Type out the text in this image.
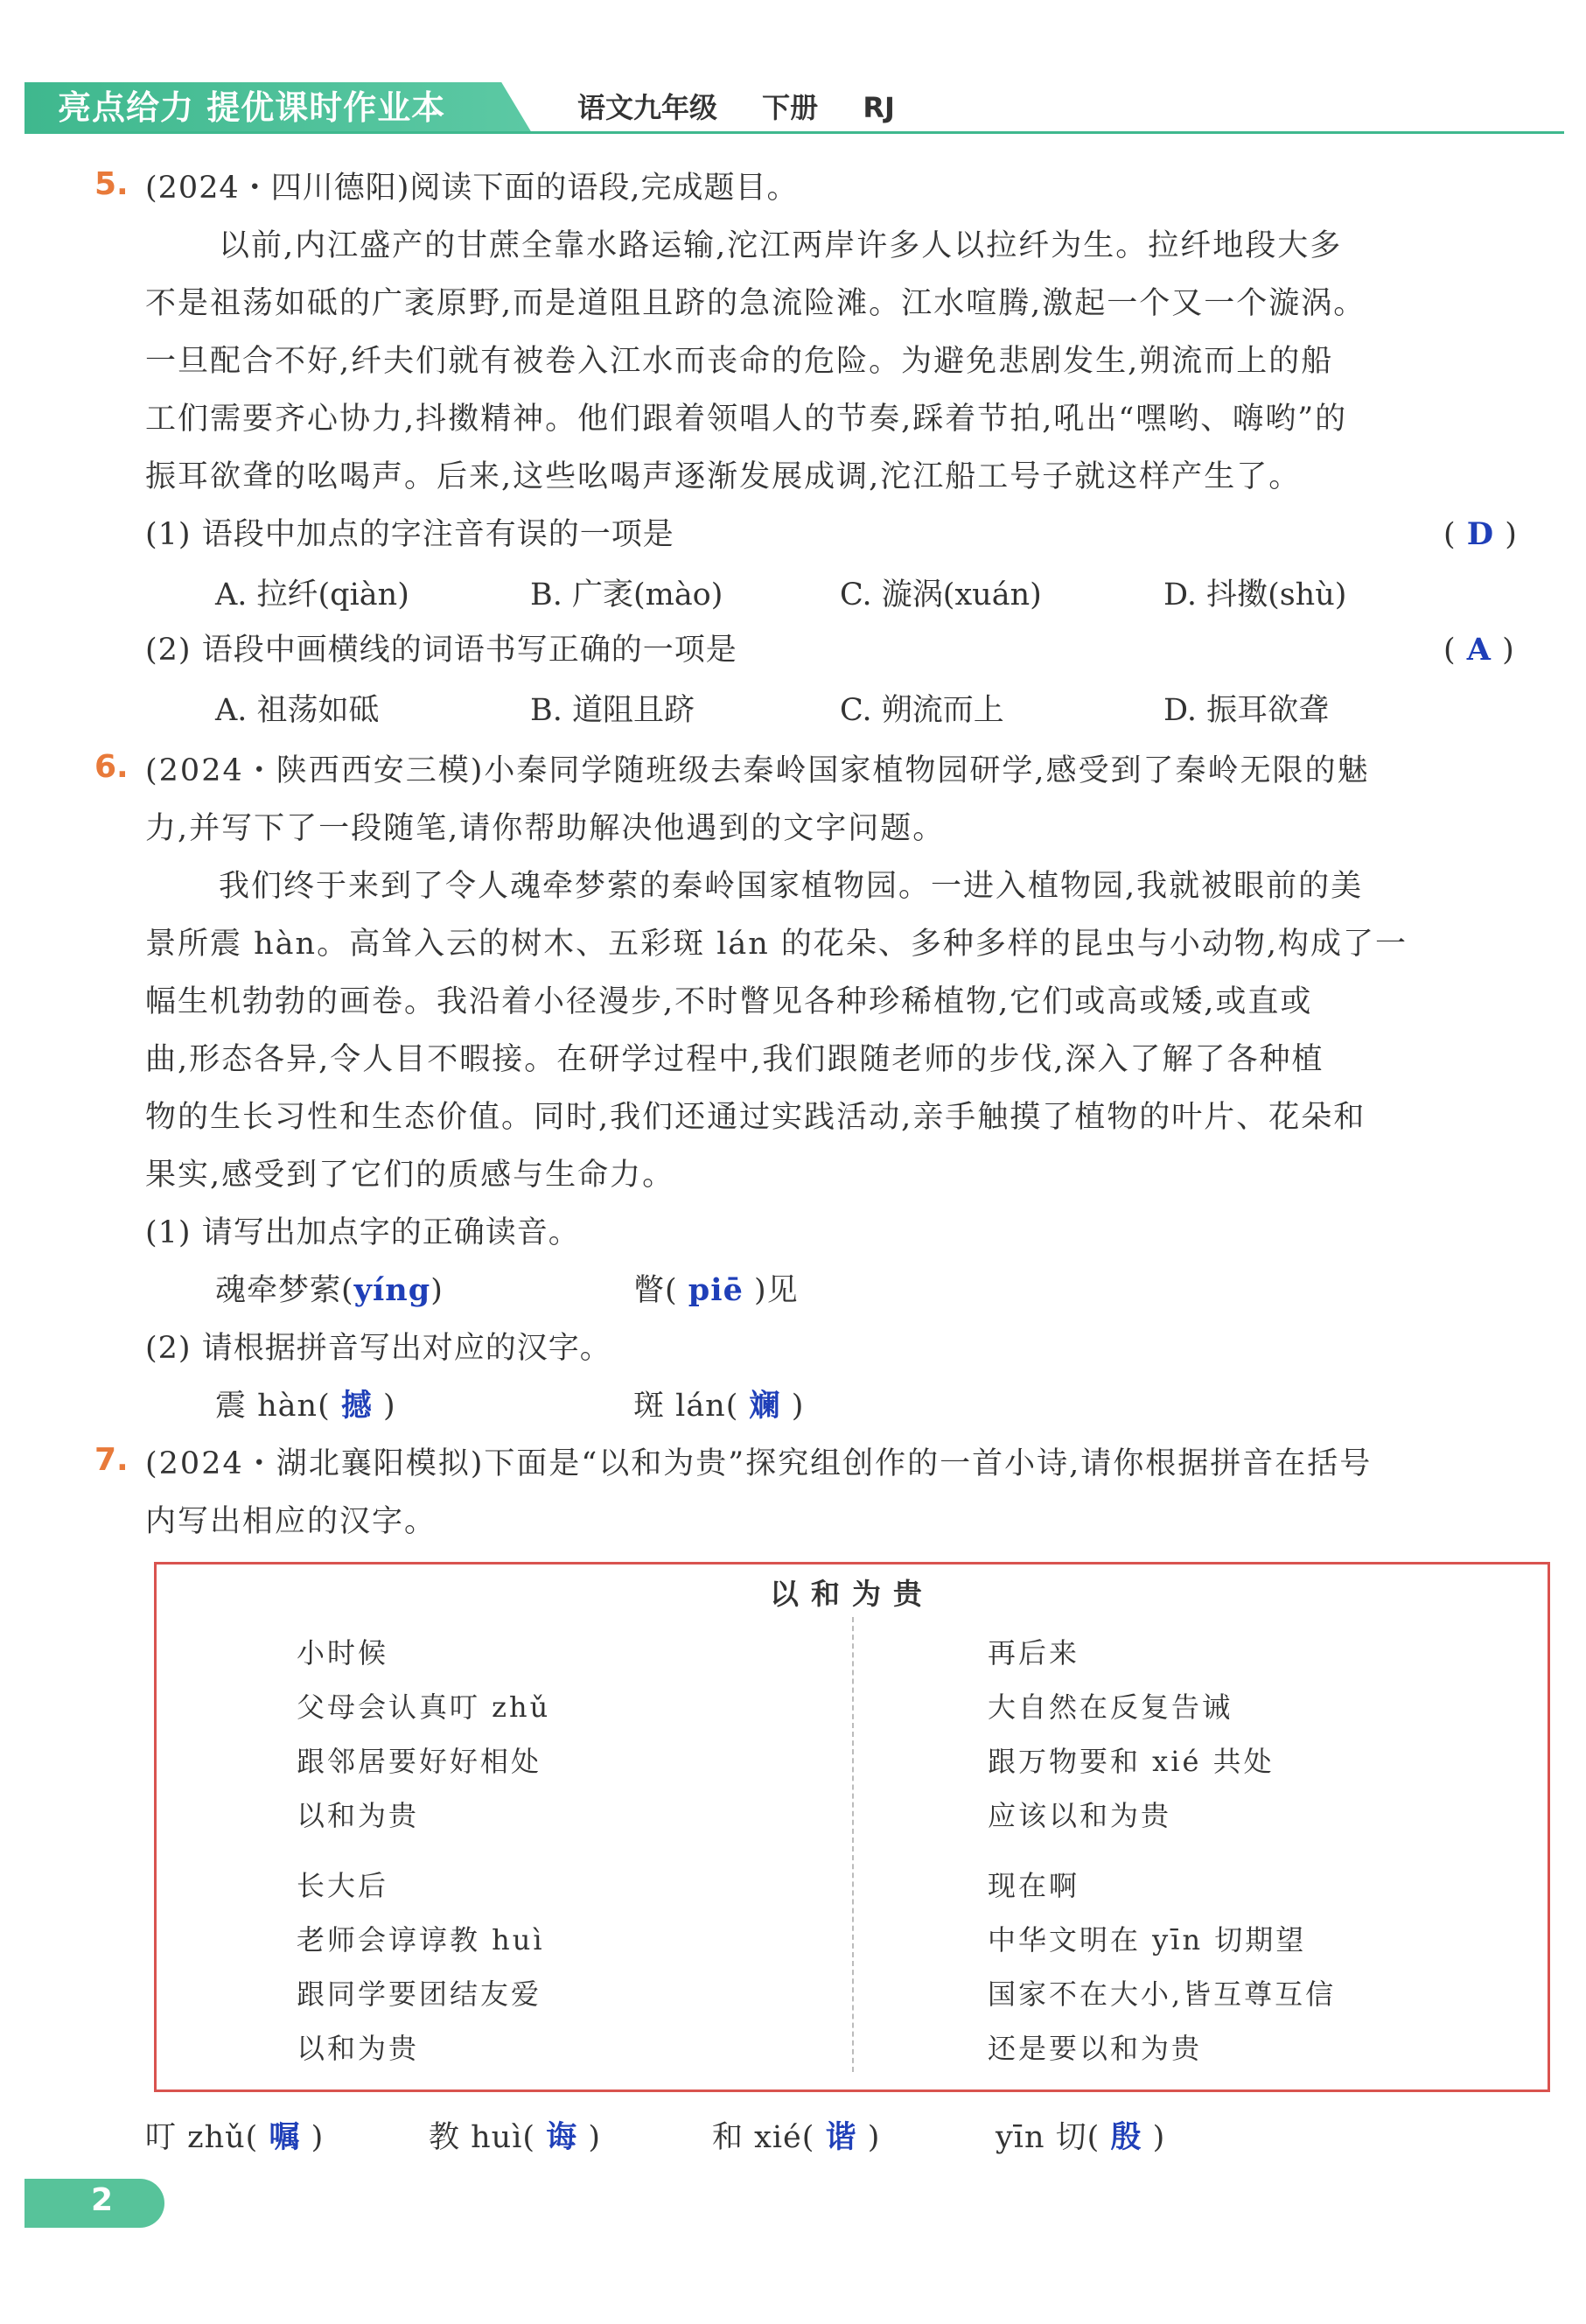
亮点给力 提优课时作业本	语文九年级 下册 RJ
5. (2024・四川德阳)阅读下面的语段,完成题目。
以前,内江盛产的甘蔗全靠水路运输,沱江两岸许多人以拉纤为生。拉纤地段大多
不是祖荡如砥的广袤原野,而是道阻且跻的急流险滩。江水喧腾,激起一个又一个漩涡。
一旦配合不好,纤夫们就有被卷入江水而丧命的危险。为避免悲剧发生,朔流而上的船
工们需要齐心协力,抖擞精神。他们跟着领唱人的节奏,踩着节拍,吼出“嘿哟、嗨哟”的
振耳欲聋的吆喝声。后来,这些吆喝声逐渐发展成调,沱江船工号子就这样产生了。
(1) 语段中加点的字注音有误的一项是	( D )
A. 拉纤(qiàn)	B. 广袤(mào)	C. 漩涡(xuán)	D. 抖擞(shù)
(2) 语段中画横线的词语书写正确的一项是	( A )
A. 祖荡如砥	B. 道阻且跻	C. 朔流而上	D. 振耳欲聋
6. (2024・陕西西安三模)小秦同学随班级去秦岭国家植物园研学,感受到了秦岭无限的魅
力,并写下了一段随笔,请你帮助解决他遇到的文字问题。
我们终于来到了令人魂牵梦萦的秦岭国家植物园。一进入植物园,我就被眼前的美
景所震 hàn。高耸入云的树木、五彩斑 lán 的花朵、多种多样的昆虫与小动物,构成了一
幅生机勃勃的画卷。我沿着小径漫步,不时瞥见各种珍稀植物,它们或高或矮,或直或
曲,形态各异,令人目不暇接。在研学过程中,我们跟随老师的步伐,深入了解了各种植
物的生长习性和生态价值。同时,我们还通过实践活动,亲手触摸了植物的叶片、花朵和
果实,感受到了它们的质感与生命力。
(1) 请写出加点字的正确读音。
魂牵梦萦(yíng)	瞥( piē )见
(2) 请根据拼音写出对应的汉字。
震 hàn( 撼 )	斑 lán( 斓 )
7. (2024・湖北襄阳模拟)下面是“以和为贵”探究组创作的一首小诗,请你根据拼音在括号
内写出相应的汉字。
以和为贵
小时候
父母会认真叮 zhǔ
跟邻居要好好相处
以和为贵
长大后
老师会谆谆教 huì
跟同学要团结友爱
以和为贵
再后来
大自然在反复告诫
跟万物要和 xié 共处
应该以和为贵
现在啊
中华文明在 yīn 切期望
国家不在大小,皆互尊互信
还是要以和为贵
叮 zhǔ( 嘱 )	教 huì( 诲 )	和 xié( 谐 )	yīn 切( 殷 )
2
